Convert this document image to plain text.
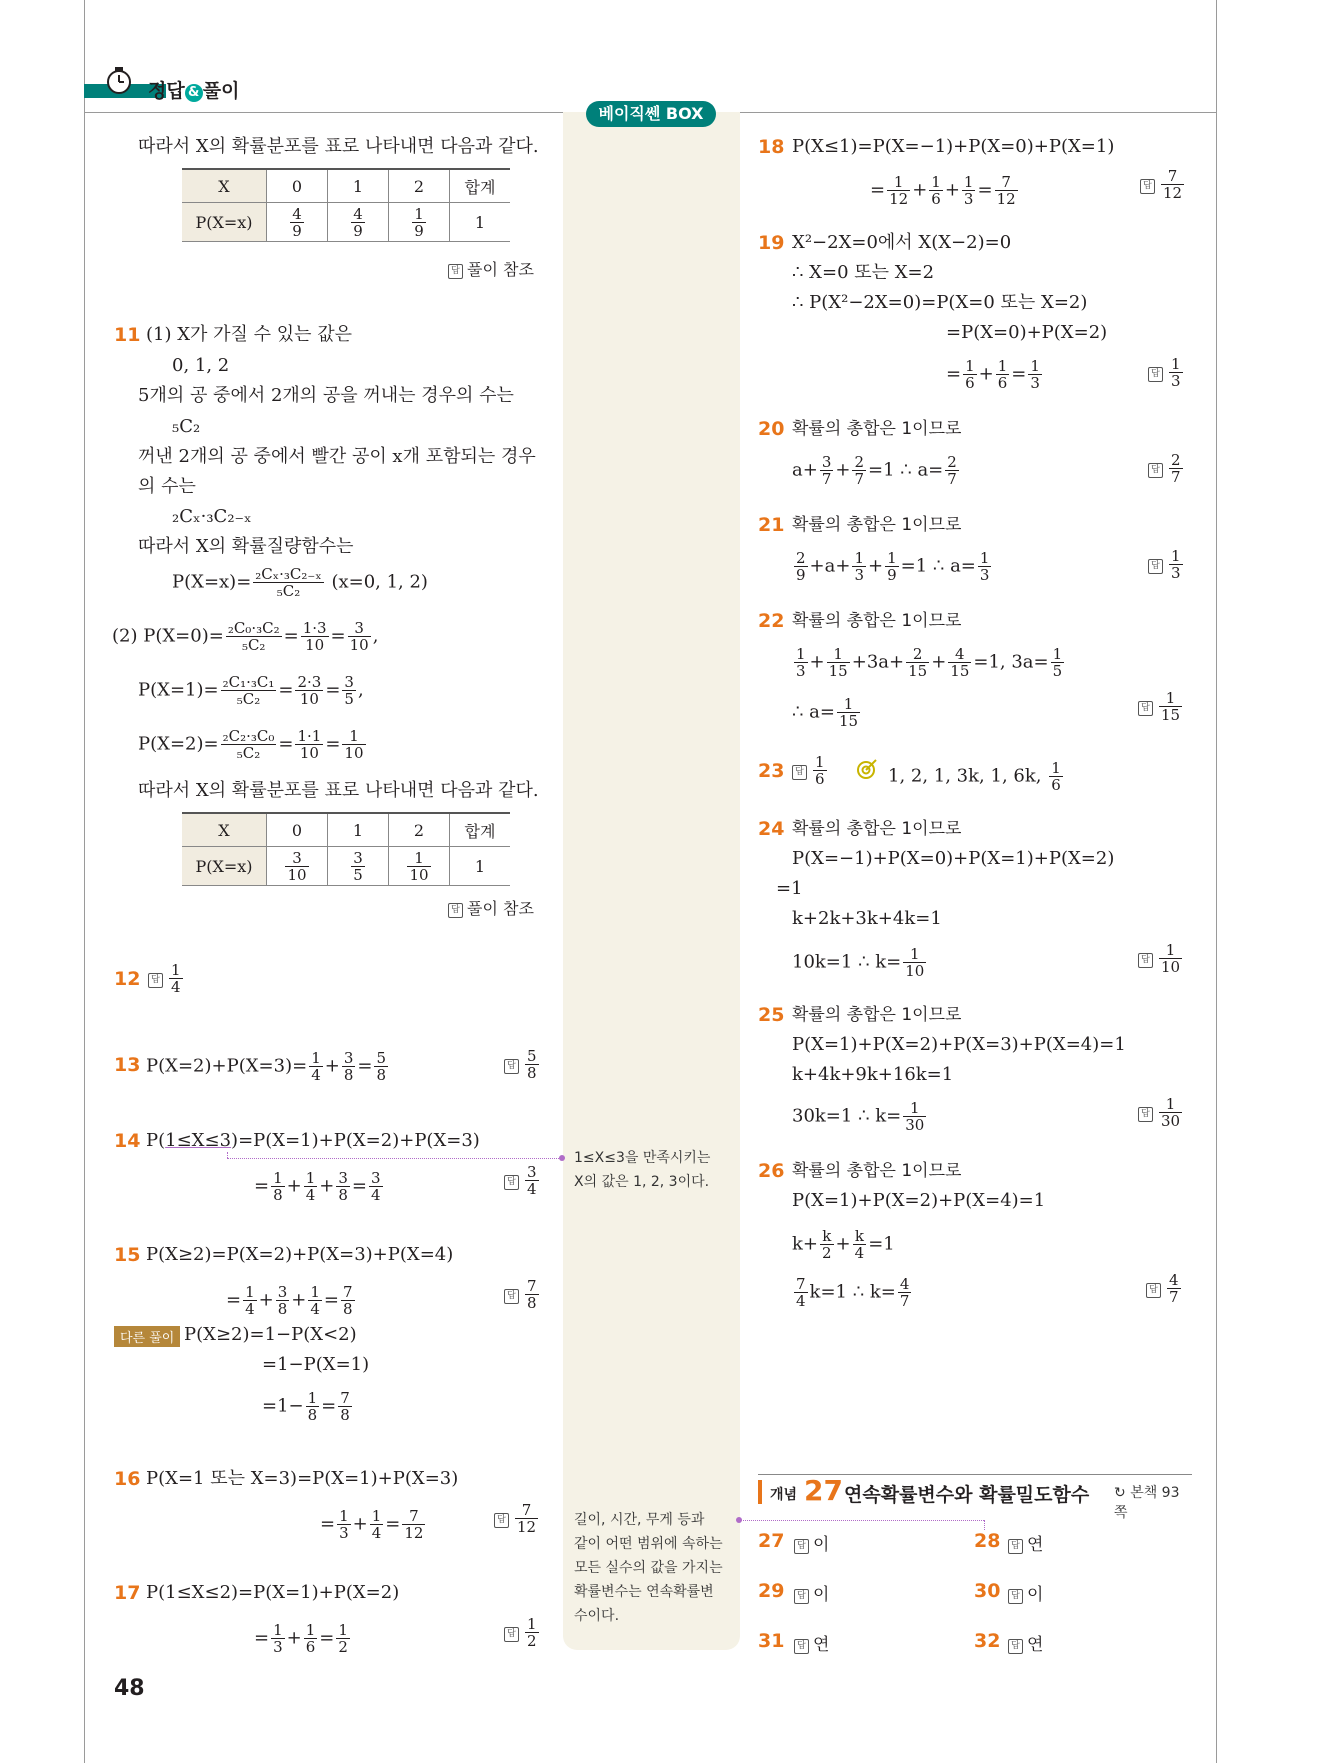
정답 & 풀이
베이직쎈 BOX
따라서 X의 확률분포를 표로 나타내면 다음과 같다.
X	0	1	2	합계
P(X=x)	$\frac{4}{9}$	$\frac{4}{9}$	$\frac{1}{9}$	1
답 풀이 참조
11 (1) X가 가질 수 있는 값은
0, 1, 2
5개의 공 중에서 2개의 공을 꺼내는 경우의 수는
₅C₂
꺼낸 2개의 공 중에서 빨간 공이 x개 포함되는 경우
의 수는
₂Cₓ·₃C₂₋ₓ
따라서 X의 확률질량함수는
$P(X=x)= \frac{\text{₂Cₓ·₃C₂₋ₓ}}{\text{₅C₂}} (x=0$, 1, 2)
(2) $P(X=0)= \frac{\text{₂C₀·₃C₂}}{\text{₅C₂}} = \frac{1\cdot 3}{10} = \frac{3}{10}$ ,
$P(X=1)= \frac{\text{₂C₁·₃C₁}}{\text{₅C₂}} = \frac{2\cdot 3}{10} = \frac{3}{5}$ ,
$P(X=2)= \frac{\text{₂C₂·₃C₀}}{\text{₅C₂}} = \frac{1\cdot 1}{10} = \frac{1}{10}$
따라서 X의 확률분포를 표로 나타내면 다음과 같다.
X	0	1	2	합계
P(X=x)	$\frac{3}{10}$	$\frac{3}{5}$	$\frac{1}{10}$	1
답 풀이 참조
12	답 $\frac{1}{4}$
13 $P(X=2)+P(X=3)= \frac{1}{4} + \frac{3}{8} = \frac{5}{8}$	답 $\frac{5}{8}$
14 P(1≤X≤3)=P(X=1)+P(X=2)+P(X=3)
= $\frac{1}{8} + \frac{1}{4} + \frac{3}{8} = \frac{3}{4}$	답 $\frac{3}{4}$
1≤X≤3을 만족시키는
X의 값은 1, 2, 3이다.
15 P(X≥2)=P(X=2)+P(X=3)+P(X=4)
= $\frac{1}{4} + \frac{3}{8} + \frac{1}{4} = \frac{7}{8}$	답 $\frac{7}{8}$
다른 풀이 P(X≥2)=1−P(X<2)
=1−P(X=1)
$=1- \frac{1}{8} = \frac{7}{8}$
16 P(X=1 또는 X=3)=P(X=1)+P(X=3)
= $\frac{1}{3} + \frac{1}{4} = \frac{7}{12}$	답 $\frac{7}{12}$
17 P(1≤X≤2)=P(X=1)+P(X=2)
= $\frac{1}{3} + \frac{1}{6} = \frac{1}{2}$	답 $\frac{1}{2}$
길이, 시간, 무게 등과
같이 어떤 범위에 속하는
모든 실수의 값을 가지는
확률변수는 연속확률변
수이다.
18 P(X≤1)=P(X=−1)+P(X=0)+P(X=1)
= $\frac{1}{12} + \frac{1}{6} + \frac{1}{3} = \frac{7}{12}$	답 $\frac{7}{12}$
19 X²−2X=0에서 X(X−2)=0
∴ X=0 또는 X=2
∴ P(X²−2X=0)=P(X=0 또는 X=2)
=P(X=0)+P(X=2)
= $\frac{1}{6} + \frac{1}{6} = \frac{1}{3}$	답 $\frac{1}{3}$
20 확률의 총합은 1이므로
$a+ \frac{3}{7} + \frac{2}{7} =1$ ∴ $a= \frac{2}{7}$	답 $\frac{2}{7}$
21 확률의 총합은 1이므로
$\frac{2}{9} +a+ \frac{1}{3} + \frac{1}{9} =1$ ∴ $a= \frac{1}{3}$	답 $\frac{1}{3}$
22 확률의 총합은 1이므로
$\frac{1}{3} + \frac{1}{15} +3a+ \frac{2}{15} + \frac{4}{15} =1$, $3a= \frac{1}{5}$
∴ $a= \frac{1}{15}$	답 $\frac{1}{15}$
23	답 $\frac{1}{6}$	1, 2, 1, 3k, 1, 6k, $\frac{1}{6}$
24 확률의 총합은 1이므로
P(X=−1)+P(X=0)+P(X=1)+P(X=2)
=1
k+2k+3k+4k=1
10k=1 ∴ $k= \frac{1}{10}$	답 $\frac{1}{10}$
25 확률의 총합은 1이므로
P(X=1)+P(X=2)+P(X=3)+P(X=4)=1
k+4k+9k+16k=1
30k=1 ∴ $k= \frac{1}{30}$	답 $\frac{1}{30}$
26 확률의 총합은 1이므로
P(X=1)+P(X=2)+P(X=4)=1
$k+ \frac{k}{2} + \frac{k}{4} =1$
$\frac{7}{4} k=1$ ∴ $k= \frac{4}{7}$	답 $\frac{4}{7}$
개념 27 연속확률변수와 확률밀도함수 ↻ 본책 93쪽
27	답 이	28	답 연
29	답 이	30	답 이
31	답 연	32	답 연
48
